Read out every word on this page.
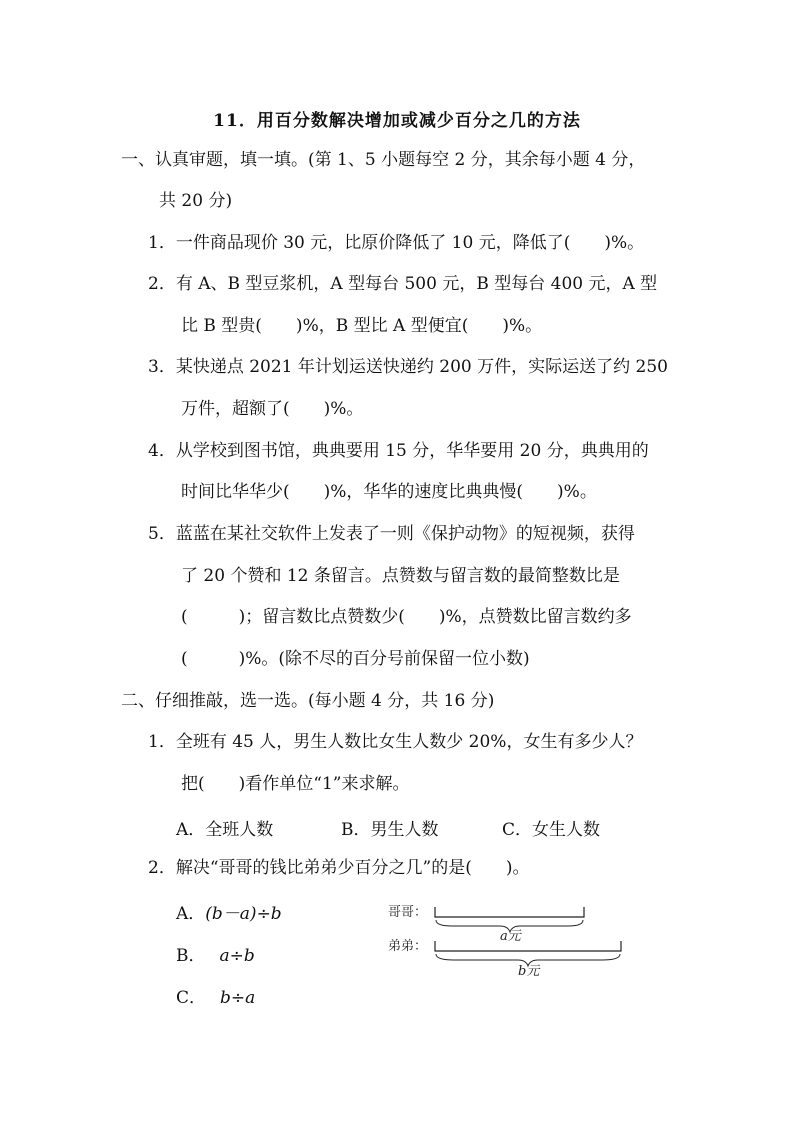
11．用百分数解决增加或减少百分之几的方法
一、认真审题，填一填。(第 1、5 小题每空 2 分，其余每小题 4 分，
共 20 分)
1．一件商品现价 30 元，比原价降低了 10 元，降低了(　　)%。
2．有 A、B 型豆浆机，A 型每台 500 元，B 型每台 400 元，A 型
比 B 型贵(　　)%，B 型比 A 型便宜(　　)%。
3．某快递点 2021 年计划运送快递约 200 万件，实际运送了约 250
万件，超额了(　　)%。
4．从学校到图书馆，典典要用 15 分，华华要用 20 分，典典用的
时间比华华少(　　)%，华华的速度比典典慢(　　)%。
5．蓝蓝在某社交软件上发表了一则《保护动物》的短视频，获得
了 20 个赞和 12 条留言。点赞数与留言数的最简整数比是
(　　　)；留言数比点赞数少(　　)%，点赞数比留言数约多
(　　　)%。(除不尽的百分号前保留一位小数)
二、仔细推敲，选一选。(每小题 4 分，共 16 分)
1．全班有 45 人，男生人数比女生人数少 20%，女生有多少人？
把(　　)看作单位“1”来求解。
A．全班人数	B．男生人数	C．女生人数
2．解决“哥哥的钱比弟弟少百分之几”的是(　　)。
A．(b－a)÷b
B． a÷b
C． b÷a
哥哥：
a元
弟弟：
b元
